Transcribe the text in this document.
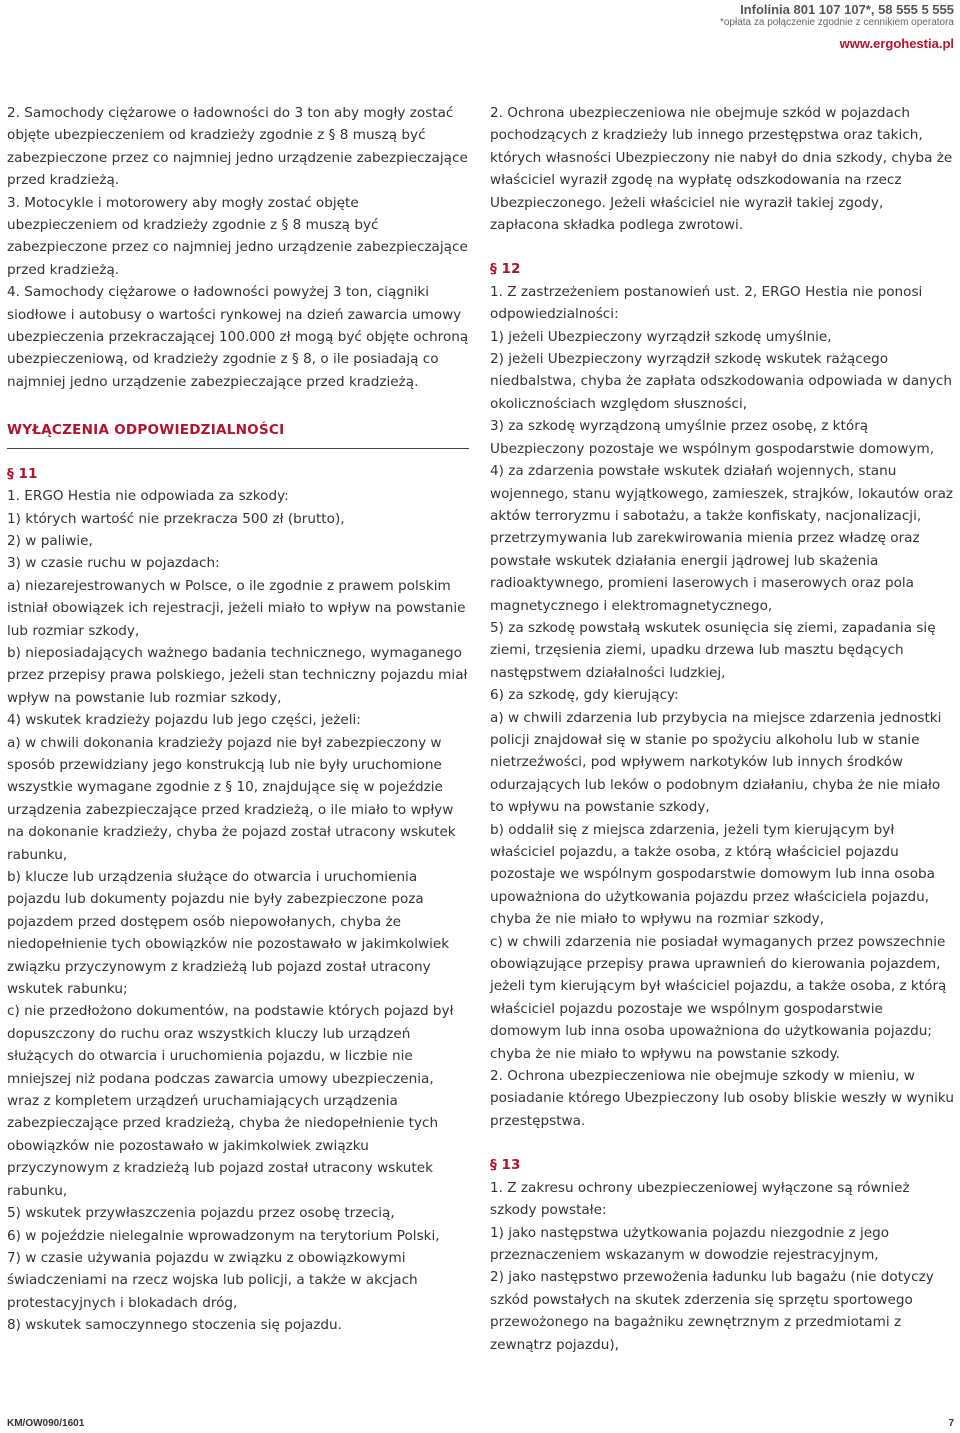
Infolinia 801 107 107*, 58 555 5 555
*opłata za połączenie zgodnie z cennikiem operatora
www.ergohestia.pl

2. Samochody ciężarowe o ładowności do 3 ton aby mogły zostać objęte ubezpieczeniem od kradzieży zgodnie z § 8 muszą być zabezpieczone przez co najmniej jedno urządzenie zabezpieczające przed kradzieżą.

3. Motocykle i motorowery aby mogły zostać objęte ubezpieczeniem od kradzieży zgodnie z § 8 muszą być zabezpieczone przez co najmniej jedno urządzenie zabezpieczające przed kradzieżą.

4. Samochody ciężarowe o ładowności powyżej 3 ton, ciągniki siodłowe i autobusy o wartości rynkowej na dzień zawarcia umowy ubezpieczenia przekraczającej 100.000 zł mogą być objęte ochroną ubezpieczeniową, od kradzieży zgodnie z § 8, o ile posiadają co najmniej jedno urządzenie zabezpieczające przed kradzieżą.

WYŁĄCZENIA ODPOWIEDZIALNOŚCI

§ 11

1. ERGO Hestia nie odpowiada za szkody:

1) których wartość nie przekracza 500 zł (brutto),

2) w paliwie,

3) w czasie ruchu w pojazdach:

a) niezarejestrowanych w Polsce, o ile zgodnie z prawem polskim istniał obowiązek ich rejestracji, jeżeli miało to wpływ na powstanie lub rozmiar szkody,

b) nieposiadających ważnego badania technicznego, wymaganego przez przepisy prawa polskiego, jeżeli stan techniczny pojazdu miał wpływ na powstanie lub rozmiar szkody,

4) wskutek kradzieży pojazdu lub jego części, jeżeli:

a) w chwili dokonania kradzieży pojazd nie był zabezpieczony w sposób przewidziany jego konstrukcją lub nie były uruchomione wszystkie wymagane zgodnie z § 10, znajdujące się w pojeździe urządzenia zabezpieczające przed kradzieżą, o ile miało to wpływ na dokonanie kradzieży, chyba że pojazd został utracony wskutek rabunku,

b) klucze lub urządzenia służące do otwarcia i uruchomienia pojazdu lub dokumenty pojazdu nie były zabezpieczone poza pojazdem przed dostępem osób niepowołanych, chyba że niedopełnienie tych obowiązków nie pozostawało w jakimkolwiek związku przyczynowym z kradzieżą lub pojazd został utracony wskutek rabunku;

c) nie przedłożono dokumentów, na podstawie których pojazd był dopuszczony do ruchu oraz wszystkich kluczy lub urządzeń służących do otwarcia i uruchomienia pojazdu, w liczbie nie mniejszej niż podana podczas zawarcia umowy ubezpieczenia, wraz z kompletem urządzeń uruchamiających urządzenia zabezpieczające przed kradzieżą, chyba że niedopełnienie tych obowiązków nie pozostawało w jakimkolwiek związku przyczynowym z kradzieżą lub pojazd został utracony wskutek rabunku,

5) wskutek przywłaszczenia pojazdu przez osobę trzecią,

6) w pojeździe nielegalnie wprowadzonym na terytorium Polski,

7) w czasie używania pojazdu w związku z obowiązkowymi świadczeniami na rzecz wojska lub policji, a także w akcjach protestacyjnych i blokadach dróg,

8) wskutek samoczynnego stoczenia się pojazdu.

2. Ochrona ubezpieczeniowa nie obejmuje szkód w pojazdach pochodzących z kradzieży lub innego przestępstwa oraz takich, których własności Ubezpieczony nie nabył do dnia szkody, chyba że właściciel wyraził zgodę na wypłatę odszkodowania na rzecz Ubezpieczonego. Jeżeli właściciel nie wyraził takiej zgody, zapłacona składka podlega zwrotowi.

§ 12

1. Z zastrzeżeniem postanowień ust. 2, ERGO Hestia nie ponosi odpowiedzialności:

1) jeżeli Ubezpieczony wyrządził szkodę umyślnie,

2) jeżeli Ubezpieczony wyrządził szkodę wskutek rażącego niedbalstwa, chyba że zapłata odszkodowania odpowiada w danych okolicznościach względom słuszności,

3) za szkodę wyrządzoną umyślnie przez osobę, z którą Ubezpieczony pozostaje we wspólnym gospodarstwie domowym,

4) za zdarzenia powstałe wskutek działań wojennych, stanu wojennego, stanu wyjątkowego, zamieszek, strajków, lokautów oraz aktów terroryzmu i sabotażu, a także konfiskaty, nacjonalizacji, przetrzymywania lub zarekwirowania mienia przez władzę oraz powstałe wskutek działania energii jądrowej lub skażenia radioaktywnego, promieni laserowych i maserowych oraz pola magnetycznego i elektromagnetycznego,

5) za szkodę powstałą wskutek osunięcia się ziemi, zapadania się ziemi, trzęsienia ziemi, upadku drzewa lub masztu będących następstwem działalności ludzkiej,

6) za szkodę, gdy kierujący:

a) w chwili zdarzenia lub przybycia na miejsce zdarzenia jednostki policji znajdował się w stanie po spożyciu alkoholu lub w stanie nietrzeźwości, pod wpływem narkotyków lub innych środków odurzających lub leków o podobnym działaniu, chyba że nie miało to wpływu na powstanie szkody,

b) oddalił się z miejsca zdarzenia, jeżeli tym kierującym był właściciel pojazdu, a także osoba, z którą właściciel pojazdu pozostaje we wspólnym gospodarstwie domowym lub inna osoba upoważniona do użytkowania pojazdu przez właściciela pojazdu, chyba że nie miało to wpływu na rozmiar szkody,

c) w chwili zdarzenia nie posiadał wymaganych przez powszechnie obowiązujące przepisy prawa uprawnień do kierowania pojazdem, jeżeli tym kierującym był właściciel pojazdu, a także osoba, z którą właściciel pojazdu pozostaje we wspólnym gospodarstwie domowym lub inna osoba upoważniona do użytkowania pojazdu; chyba że nie miało to wpływu na powstanie szkody.

2. Ochrona ubezpieczeniowa nie obejmuje szkody w mieniu, w posiadanie którego Ubezpieczony lub osoby bliskie weszły w wyniku przestępstwa.

§ 13

1. Z zakresu ochrony ubezpieczeniowej wyłączone są również szkody powstałe:

1) jako następstwa użytkowania pojazdu niezgodnie z jego przeznaczeniem wskazanym w dowodzie rejestracyjnym,

2) jako następstwo przewożenia ładunku lub bagażu (nie dotyczy szkód powstałych na skutek zderzenia się sprzętu sportowego przewożonego na bagażniku zewnętrznym z przedmiotami z zewnątrz pojazdu),

KM/OW090/1601	7
